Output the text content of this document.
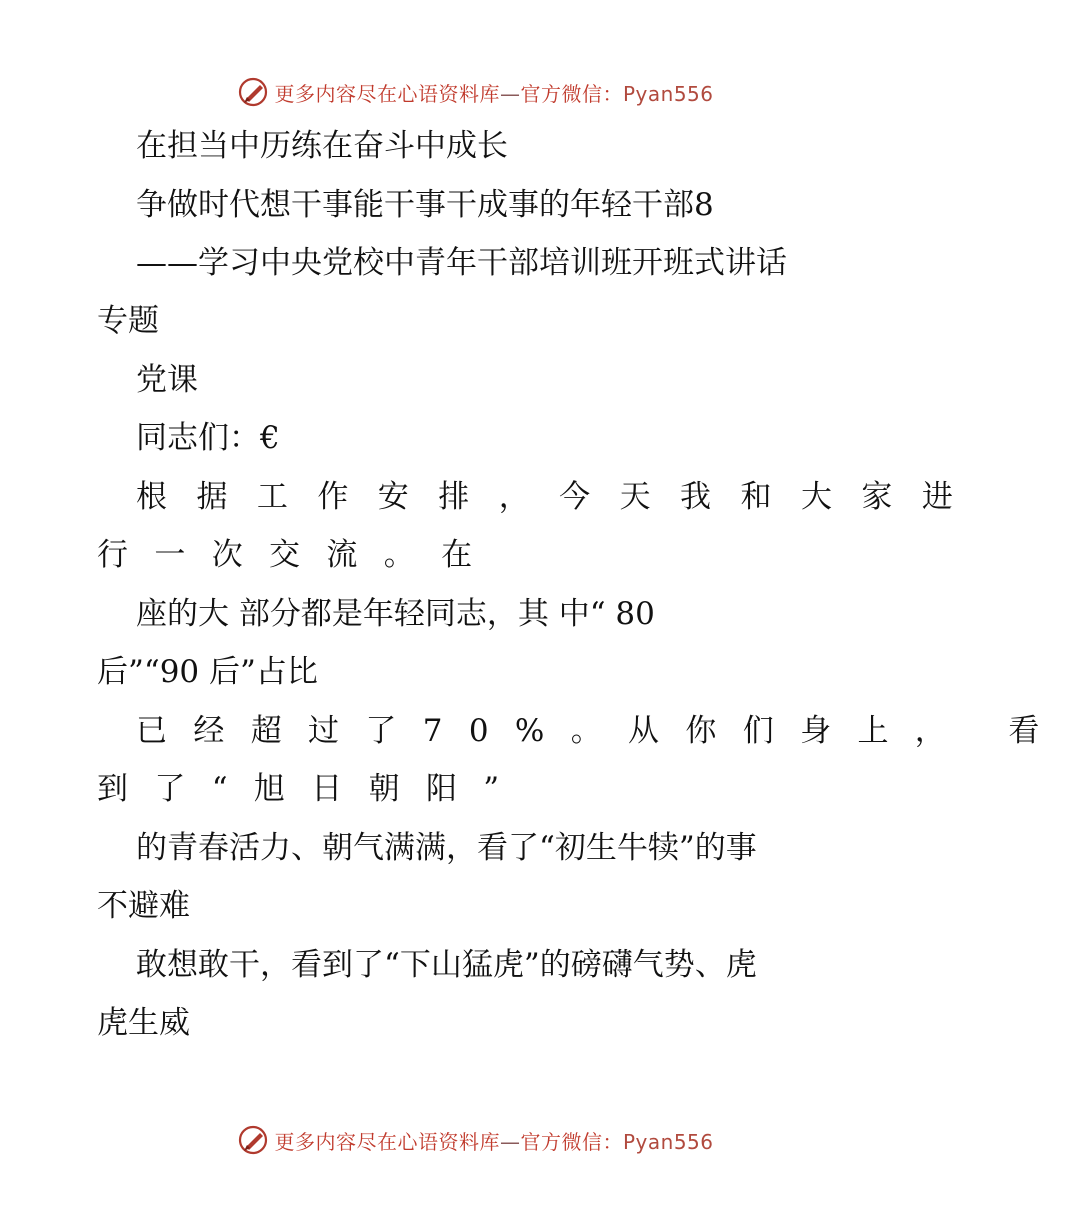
更多内容尽在心语资料库—官方微信：Pyan556
在担当中历练在奋斗中成长
争做时代想干事能干事干成事的年轻干部8
——学习中央党校中青年干部培训班开班式讲话
专题
党课
同志们：€
根据工作安排，今天我和大家进
行一次交流。在
座的大 部分都是年轻同志，其 中“ 80
后”“90 后”占比
已经超过了70%。从你们身上， 看
到了“旭日朝阳”
的青春活力、朝气满满，看了“初生牛犊”的事
不避难
敢想敢干，看到了“下山猛虎”的磅礴气势、虎
虎生威
更多内容尽在心语资料库—官方微信：Pyan556
